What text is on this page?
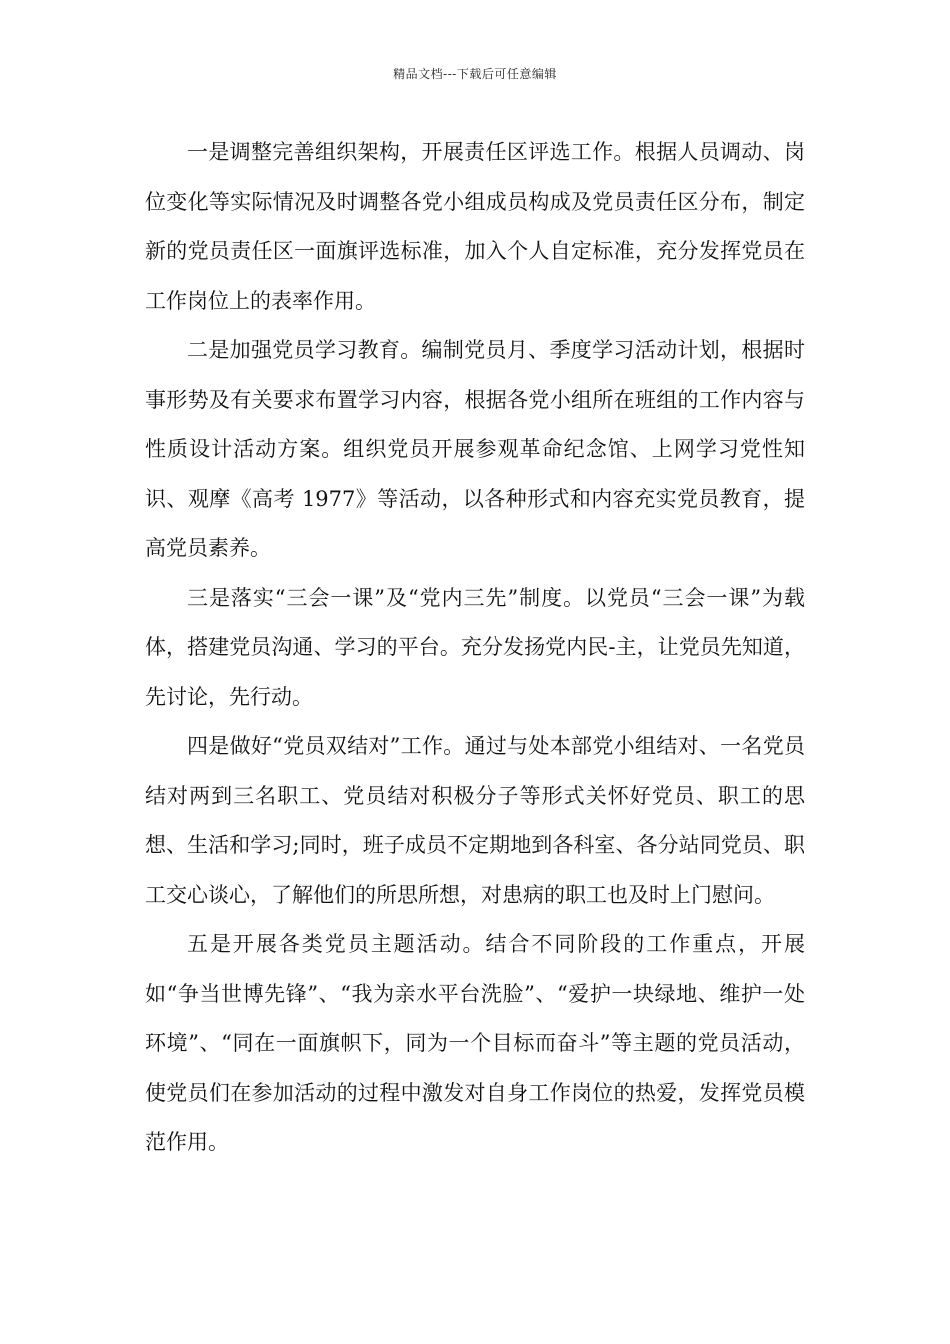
精品文档---下载后可任意编辑

一是调整完善组织架构，开展责任区评选工作。根据人员调动、岗位变化等实际情况及时调整各党小组成员构成及党员责任区分布，制定新的党员责任区一面旗评选标准，加入个人自定标准，充分发挥党员在工作岗位上的表率作用。

二是加强党员学习教育。编制党员月、季度学习活动计划，根据时事形势及有关要求布置学习内容，根据各党小组所在班组的工作内容与性质设计活动方案。组织党员开展参观革命纪念馆、上网学习党性知识、观摩《高考 1977》等活动，以各种形式和内容充实党员教育，提高党员素养。

三是落实“三会一课”及“党内三先”制度。以党员“三会一课”为载体，搭建党员沟通、学习的平台。充分发扬党内民-主，让党员先知道，先讨论，先行动。

四是做好“党员双结对”工作。通过与处本部党小组结对、一名党员结对两到三名职工、党员结对积极分子等形式关怀好党员、职工的思想、生活和学习;同时，班子成员不定期地到各科室、各分站同党员、职工交心谈心，了解他们的所思所想，对患病的职工也及时上门慰问。

五是开展各类党员主题活动。结合不同阶段的工作重点，开展如“争当世博先锋”、“我为亲水平台洗脸”、“爱护一块绿地、维护一处环境”、“同在一面旗帜下，同为一个目标而奋斗”等主题的党员活动，使党员们在参加活动的过程中激发对自身工作岗位的热爱，发挥党员模范作用。
